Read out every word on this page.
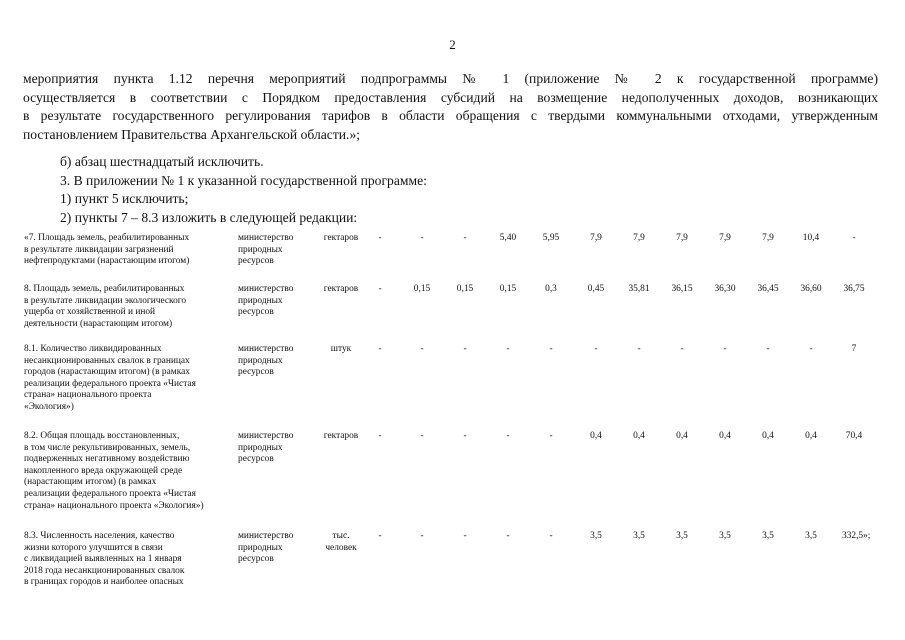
2
мероприятия пункта 1.12 перечня мероприятий подпрограммы № 1 (приложение № 2 к государственной программе)
осуществляется в соответствии с Порядком предоставления субсидий на возмещение недополученных доходов, возникающих
в результате государственного регулирования тарифов в области обращения с твердыми коммунальными отходами, утвержденным
постановлением Правительства Архангельской области.»;
б) абзац шестнадцатый исключить.
3. В приложении № 1 к указанной государственной программе:
1) пункт 5 исключить;
2) пункты 7 – 8.3 изложить в следующей редакции:
«7. Площадь земель, реабилитированных
в результате ликвидации загрязнений
нефтепродуктами (нарастающим итогом)
министерство
природных
ресурсов
гектаров	-	-	-	5,40	5,95	7,9	7,9	7,9	7,9	7,9	10,4	-
8. Площадь земель, реабилитированных
в результате ликвидации экологического
ущерба от хозяйственной и иной
деятельности (нарастающим итогом)
министерство
природных
ресурсов
гектаров	-	0,15	0,15	0,15	0,3	0,45	35,81	36,15	36,30	36,45	36,60	36,75
8.1. Количество ликвидированных
несанкционированных свалок в границах
городов (нарастающим итогом) (в рамках
реализации федерального проекта «Чистая
страна» национального проекта
«Экология»)
министерство
природных
ресурсов
штук	-	-	-	-	-	-	-	-	-	-	-	7
8.2. Общая площадь восстановленных,
в том числе рекультивированных, земель,
подверженных негативному воздействию
накопленного вреда окружающей среде
(нарастающим итогом) (в рамках
реализации федерального проекта «Чистая
страна» национального проекта «Экология»)
министерство
природных
ресурсов
гектаров	-	-	-	-	-	0,4	0,4	0,4	0,4	0,4	0,4	70,4
8.3. Численность населения, качество
жизни которого улучшится в связи
с ликвидацией выявленных на 1 января
2018 года несанкционированных свалок
в границах городов и наиболее опасных
министерство
природных
ресурсов
тыс.
человек
-	-	-	-	-	3,5	3,5	3,5	3,5	3,5	3,5	332,5»;
